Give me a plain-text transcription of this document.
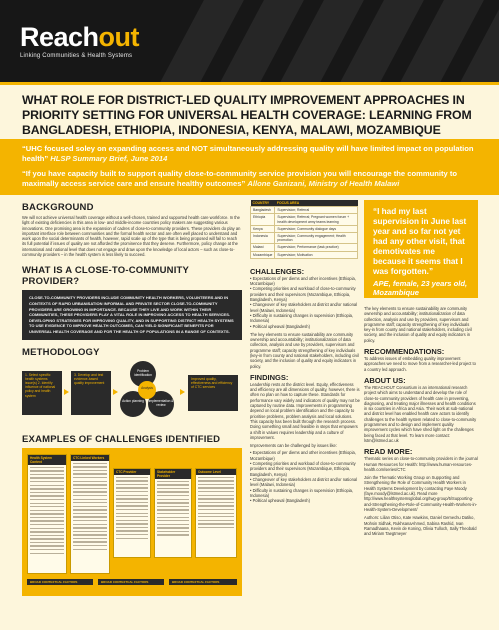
Reachout
Linking Communities & Health Systems
WHAT ROLE FOR DISTRICT-LED QUALITY IMPROVEMENT APPROACHES IN PRIORITY SETTING FOR UNIVERSAL HEALTH COVERAGE: LEARNING FROM BANGLADESH, ETHIOPIA, INDONESIA, KENYA, MALAWI, MOZAMBIQUE
“UHC focused soley on expanding access and NOT simultaneously addressing quality will have limited impact on population health” HLSP Summary Brief, June 2014
“If you have capacity built to support quality close-to-community service provision you will encourage the community to maximally access service care and ensure healthy outcomes” Allone Ganizani, Ministry of Health Malawi
BACKGROUND
We will not achieve universal health coverage without a well-chosen, trained and supported health care workforce. In the light of existing deficiencies in this area in low- and middle-income countries policy makers are suggesting various innovations. One promising area is the expansion of cadres of close-to-community providers. These providers do play an important interface role between communities and the formal health sector and are often well placed to understand and work upon the social determinants of health, however, rapid scale up of the type that is being proposed will fail to reach its full potential if issues of quality are not afforded the prominence that they deserve. Furthermore, policy change at the international and national level that does not engage and draw upon the knowledge of local actors – such as close-to-community providers – in the health system is less likely to succeed.
WHAT IS A CLOSE-TO-COMMUNITY PROVIDER?
CLOSE-TO-COMMUNITY PROVIDERS INCLUDE COMMUNITY HEALTH WORKERS, VOLUNTEERS AND IN CONTEXTS OF RAPID URBANISATION INFORMAL AND PRIVATE SECTOR CLOSE-TO-COMMUNITY PROVIDERS ARE GROWING IN IMPORTANCE. BECAUSE THEY LIVE AND WORK WITHIN THEIR COMMUNITIES, THESE PROVIDERS PLAY A VITAL ROLE IN IMPROVING ACCESS TO HEALTH SERVICES. DEVELOPING STRATEGIES FOR IMPROVING QUALITY, AND IN SUPPORTING DISTRICT HEALTH SYSTEMS TO USE EVIDENCE TO IMPROVE HEALTH OUTCOMES, CAN YIELD SIGNIFICANT BENEFITS FOR UNIVERSAL HEALTH COVERAGE AND FOR THE HEALTH OF POPULATIONS IN A RANGE OF CONTEXTS.
METHODOLOGY
1. Select specific health systems issue(s) 2. Identify influence of national policy and health system
3. Develop and test evidence-based quality improvement
Problem identification
Action planning	Implementation & review
Analysis
Improved quality, effectiveness and efficiency of CTC services
EXAMPLES OF CHALLENGES IDENTIFIED
Health System Context
CTC Linked Workers
CTC Provider	Stakeholder Provider
Outcome Level
BROAD CONTEXTUAL FACTORS	BROAD CONTEXTUAL FACTORS	BROAD CONTEXTUAL FACTORS
COUNTRY	FOCUS AREA
Bangladesh	Supervision; Referral
Ethiopia	Supervision; Referral; Pregnant women forum + health development army teams learning
Kenya	Supervision; Community dialogue days
Indonesia	Supervision; Community engagement; Health promotion
Malawi	Supervision; Performance (task practice)
Mozambique	Supervision; Motivation
CHALLENGES:
• Expectations of per diems and other incentives (Ethiopia, Mozambique)
• Competing priorities and workload of close-to-community providers and their supervisors (Mozambique, Ethiopia, Bangladesh, Kenya)
• Changeover of key stakeholders at district and/or national level (Malawi, Indonesia)
• Difficulty in sustaining changes in supervision (Ethiopia, Indonesia)
• Political upheaval (Bangladesh)
The key elements to ensure sustainability are community ownership and accountability; institutionalization of data collection, analysis and use by providers, supervisors and programme staff; capacity strengthening of key individuals (key-in from county and national stakeholders, including civil society, and the inclusion of quality and equity indicators in policy.
FINDINGS:
Leadership rests at the district level. Equity, effectiveness and efficiency are all dimensions of quality, however, there is often no plan on how to capture these. Standards for performance vary widely and indicators of quality may not be captured by routine data. Improvements in programming depend on local problem identification and the capacity to prioritise problems, problem analysis and local solutions. This capacity has been built through the research process. Doing something small and feasible in steps that empowers a shift in values requires leadership and a culture of improvement.
Improvements can be challenged by issues like:
• Expectations of per diems and other incentives (Ethiopia, Mozambique)
• Competing priorities and workload of close-to-community providers and their supervisors (Mozambique, Ethiopia, Bangladesh, Kenya)
• Changeover of key stakeholders at district and/or national level (Malawi, Indonesia)
• Difficulty in sustaining changes in supervision (Ethiopia, Indonesia)
• Political upheaval (Bangladesh)
“I had my last supervision in June last year and so far not yet had any other visit, that demotivates me because it seems that I was forgotten.”
APE, female, 23 years old, Mozambique
The key elements to ensure sustainability are community ownership and accountability; institutionalization of data collection, analysis and use by providers, supervisors and programme staff; capacity strengthening of key individuals key-in from county and national stakeholders, including civil society, and the inclusion of quality and equity indicators in policy.
RECOMMENDATIONS:
To address issues of embedding quality improvement approaches we need to move from a researcher-led project to a country led approach.
ABOUT US:
The REACHOUT Consortium is an international research project which aims to understand and develop the role of close-to-community providers of health care in preventing, diagnosing, and treating major illnesses and health conditions in six countries in Africa and Asia. Their work at sub-national and district level has enabled health care actors to identify challenges to the health system related to close-to-community programmes and to design and implement quality improvement cycles which have shed light on the challenges being faced at that level. To learn more contact: lstm@lstmed.ac.uk
READ MORE:
Thematic series on close-to-community providers in the journal Human Resources for Health: http://www.human-resources-health.com/series/CTC
Join the Thematic Working Group on Supporting and Strengthening the Role of Community Health Workers in Health Systems Development by contacting Faye Moody (faye.moody@lstmed.ac.uk). Read more http://www.healthsystemsglobal.org/twg-group/5/Supporting-and-Strengthening-the-Role-of-Community-Health-Workers-in-Health-System-Development/
Authors: Lilian Otiso, Kate Hawkins, Daniel Gemechu Datiko, Mohsin Sidhak, RukhsanaAhmed, Sabina Rashid, Ivan Ramadhaana, Kevin de Koning, Olivia Tulloch, Sally Theobald and Miriam Taegtmeyer
